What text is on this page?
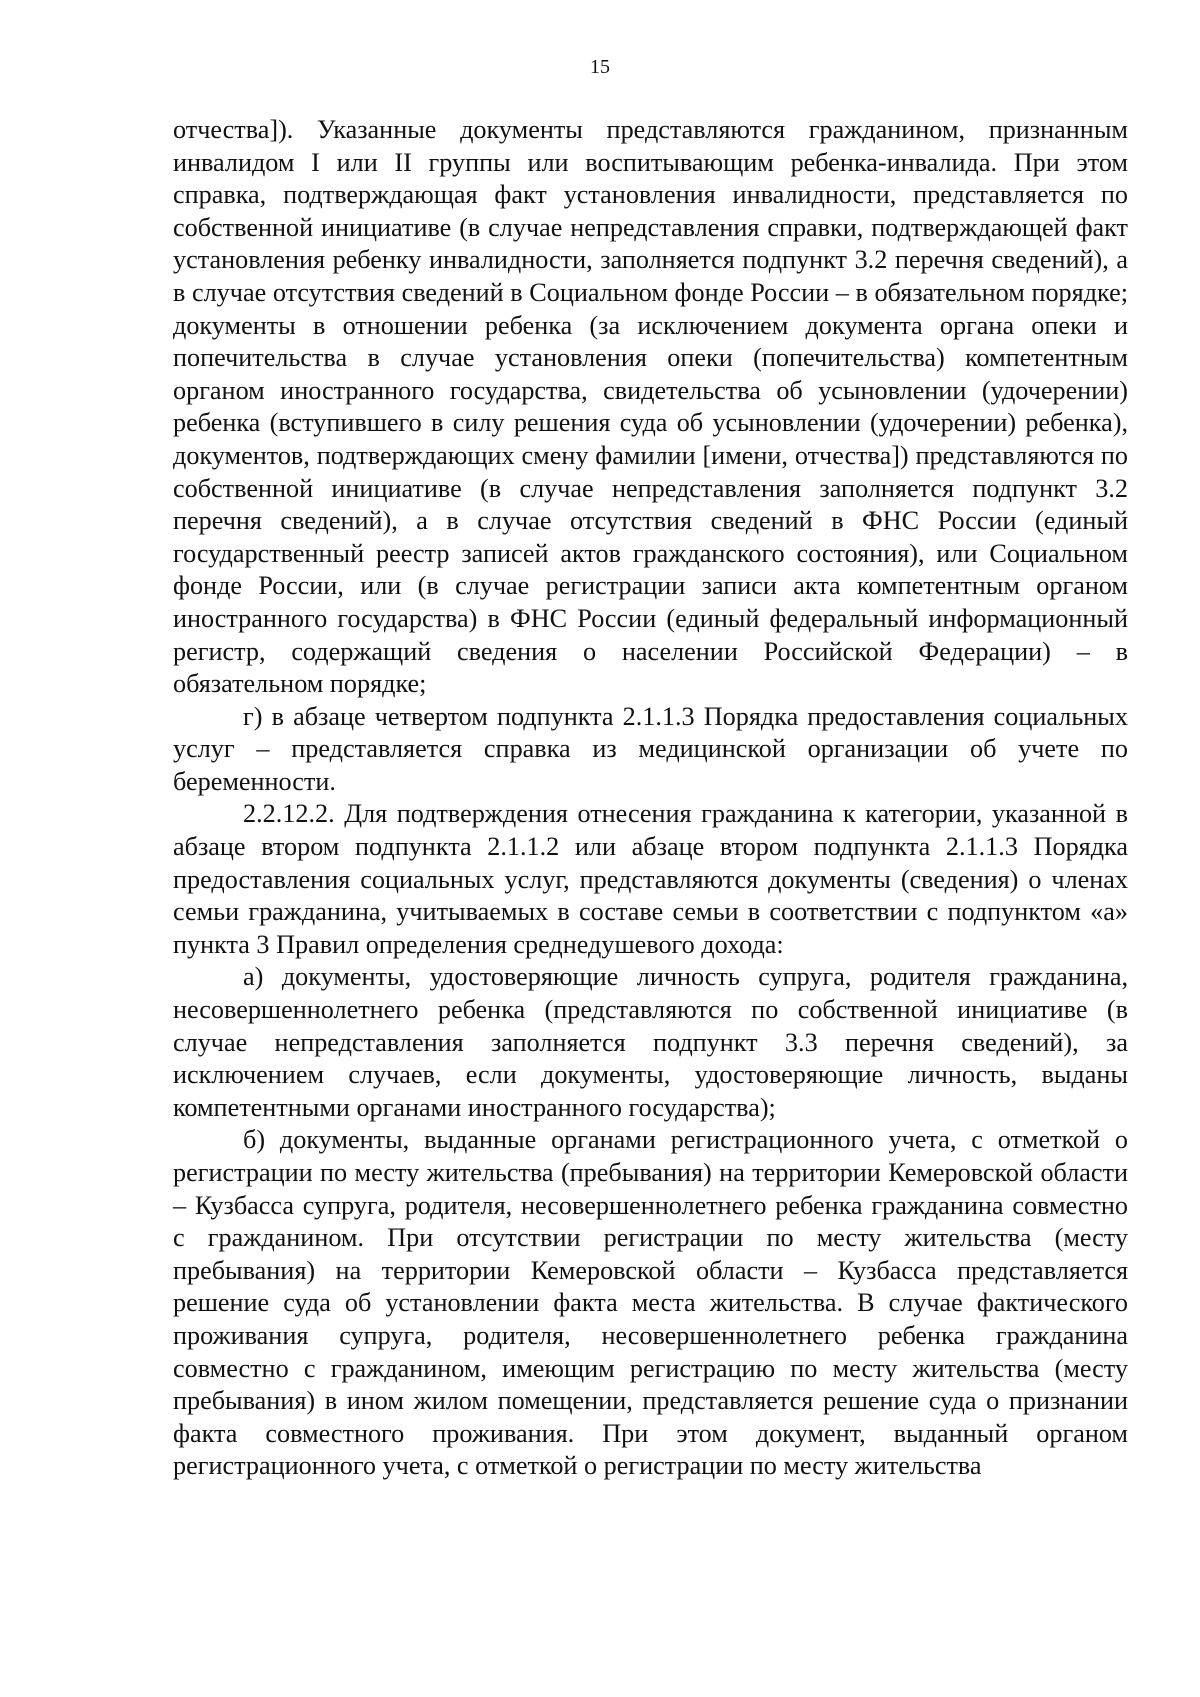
15

отчества]). Указанные документы представляются гражданином, признанным инвалидом I или II группы или воспитывающим ребенка-инвалида. При этом справка, подтверждающая факт установления инвалидности, представляется по собственной инициативе (в случае непредставления справки, подтверждающей факт установления ребенку инвалидности, заполняется подпункт 3.2 перечня сведений), а в случае отсутствия сведений в Социальном фонде России – в обязательном порядке; документы в отношении ребенка (за исключением документа органа опеки и попечительства в случае установления опеки (попечительства) компетентным органом иностранного государства, свидетельства об усыновлении (удочерении) ребенка (вступившего в силу решения суда об усыновлении (удочерении) ребенка), документов, подтверждающих смену фамилии [имени, отчества]) представляются по собственной инициативе (в случае непредставления заполняется подпункт 3.2 перечня сведений), а в случае отсутствия сведений в ФНС России (единый государственный реестр записей актов гражданского состояния), или Социальном фонде России, или (в случае регистрации записи акта компетентным органом иностранного государства) в ФНС России (единый федеральный информационный регистр, содержащий сведения о населении Российской Федерации) – в обязательном порядке;

г) в абзаце четвертом подпункта 2.1.1.3 Порядка предоставления социальных услуг – представляется справка из медицинской организации об учете по беременности.

2.2.12.2. Для подтверждения отнесения гражданина к категории, указанной в абзаце втором подпункта 2.1.1.2 или абзаце втором подпункта 2.1.1.3 Порядка предоставления социальных услуг, представляются документы (сведения) о членах семьи гражданина, учитываемых в составе семьи в соответствии с подпунктом «а» пункта 3 Правил определения среднедушевого дохода:

а) документы, удостоверяющие личность супруга, родителя гражданина, несовершеннолетнего ребенка (представляются по собственной инициативе (в случае непредставления заполняется подпункт 3.3 перечня сведений), за исключением случаев, если документы, удостоверяющие личность, выданы компетентными органами иностранного государства);

б) документы, выданные органами регистрационного учета, с отметкой о регистрации по месту жительства (пребывания) на территории Кемеровской области – Кузбасса супруга, родителя, несовершеннолетнего ребенка гражданина совместно с гражданином. При отсутствии регистрации по месту жительства (месту пребывания) на территории Кемеровской области – Кузбасса представляется решение суда об установлении факта места жительства. В случае фактического проживания супруга, родителя, несовершеннолетнего ребенка гражданина совместно с гражданином, имеющим регистрацию по месту жительства (месту пребывания) в ином жилом помещении, представляется решение суда о признании факта совместного проживания. При этом документ, выданный органом регистрационного учета, с отметкой о регистрации по месту жительства
